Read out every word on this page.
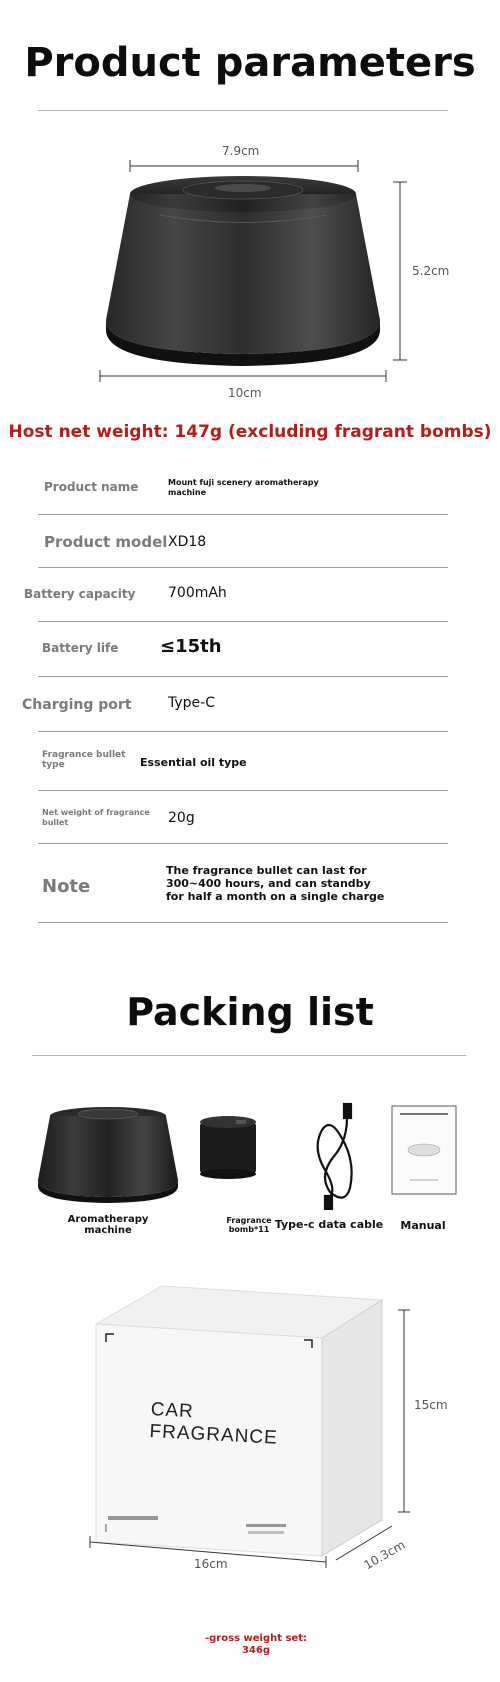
Product parameters
7.9cm
5.2cm
10cm
Host net weight: 147g (excluding fragrant bombs)
Product name	Mount fuji scenery aromatherapy machine
Product model XD18
Battery capacity 700mAh
Battery life ≤15th
Charging port	Type-C
Fragrance bullet type	Essential oil type
Net weight of fragrance bullet	20g
Note
The fragrance bullet can last for 300~400 hours, and can standby for half a month on a single charge
Packing list
Aromatherapy machine
Fragrance bomb*11 Type-c data cable	Manual
CAR
FRAGRANCE
15cm
16cm	10.3cm
-gross weight set: 346g
